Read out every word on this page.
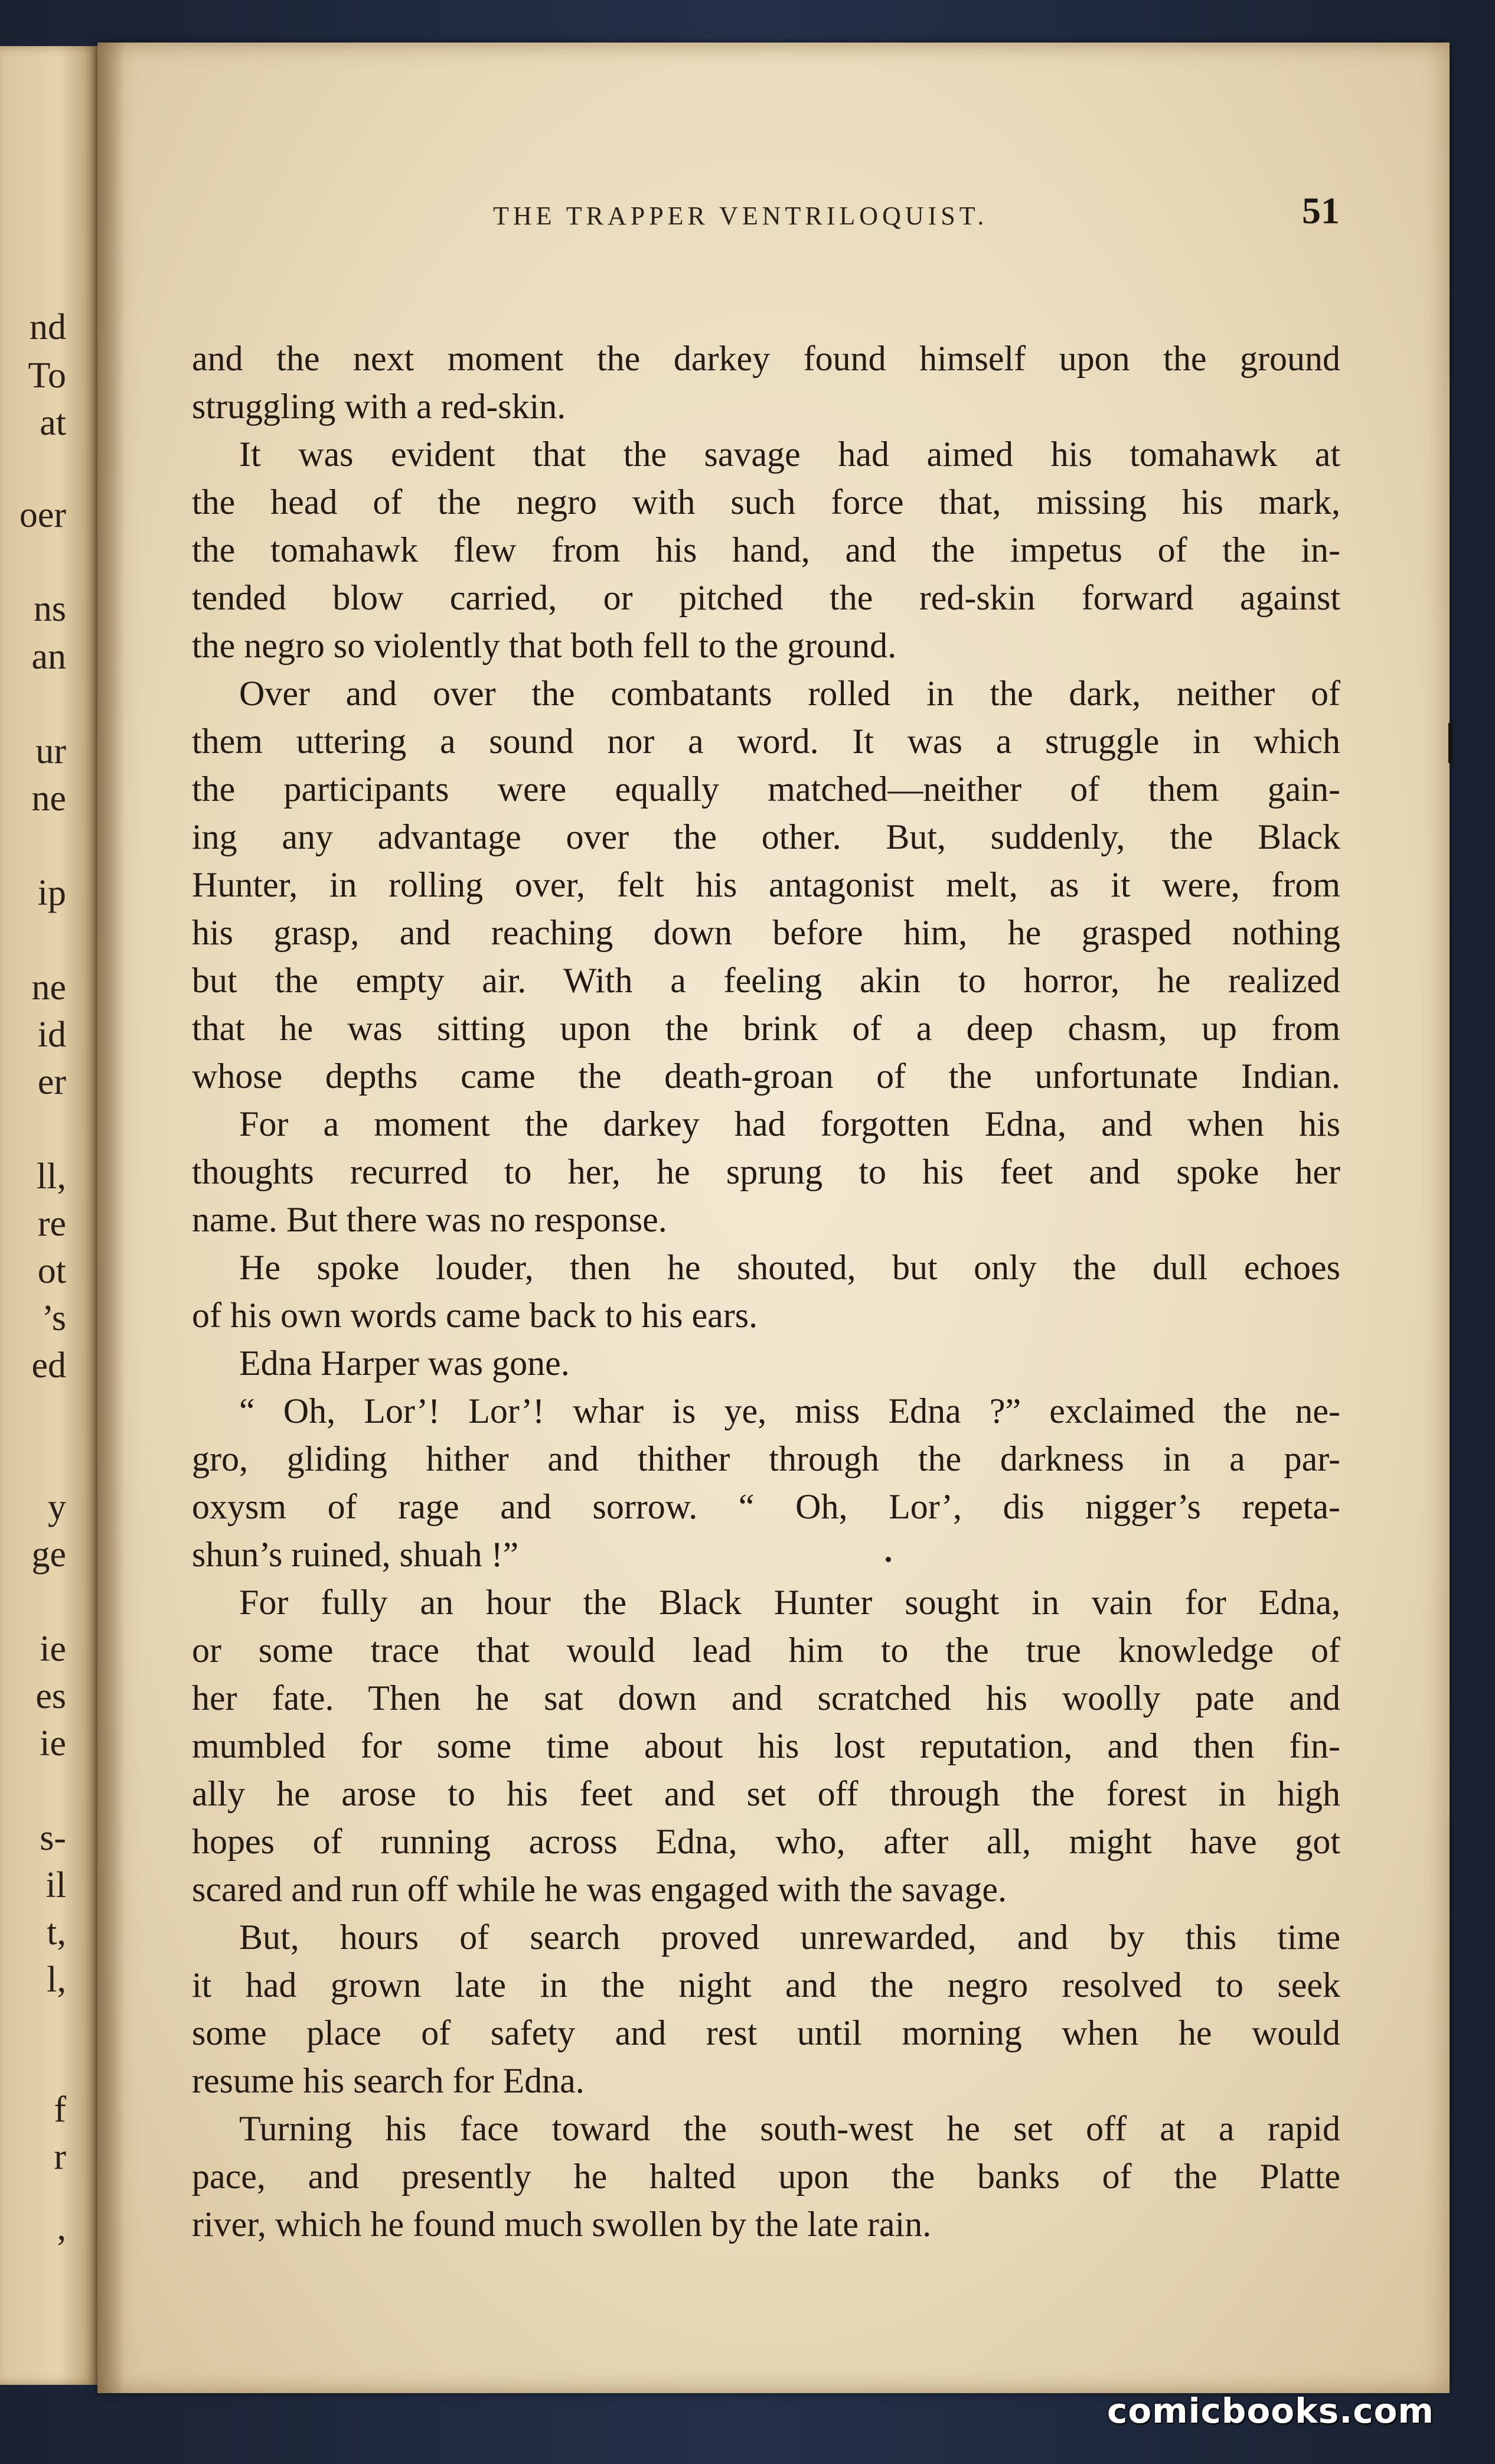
nd
To
at
oer
ns
an
ur
ne
ip
ne
id
er
ll,
re
ot
’s
ed
y
ge
ie
es
ie
s-
il
t,
l,
f
r
,
THE TRAPPER VENTRILOQUIST.	51
and the next moment the darkey found himself upon the ground
struggling with a red-skin.
It was evident that the savage had aimed his tomahawk at
the head of the negro with such force that, missing his mark,
the tomahawk flew from his hand, and the impetus of the in-
tended blow carried, or pitched the red-skin forward against
the negro so violently that both fell to the ground.
Over and over the combatants rolled in the dark, neither of
them uttering a sound nor a word. It was a struggle in which
the participants were equally matched—neither of them gain-
ing any advantage over the other. But, suddenly, the Black
Hunter, in rolling over, felt his antagonist melt, as it were, from
his grasp, and reaching down before him, he grasped nothing
but the empty air. With a feeling akin to horror, he realized
that he was sitting upon the brink of a deep chasm, up from
whose depths came the death-groan of the unfortunate Indian.
For a moment the darkey had forgotten Edna, and when his
thoughts recurred to her, he sprung to his feet and spoke her
name. But there was no response.
He spoke louder, then he shouted, but only the dull echoes
of his own words came back to his ears.
Edna Harper was gone.
“ Oh, Lor’! Lor’! whar is ye, miss Edna ?” exclaimed the ne-
gro, gliding hither and thither through the darkness in a par-
oxysm of rage and sorrow. “ Oh, Lor’, dis nigger’s repeta-
shun’s ruined, shuah !”
For fully an hour the Black Hunter sought in vain for Edna,
or some trace that would lead him to the true knowledge of
her fate. Then he sat down and scratched his woolly pate and
mumbled for some time about his lost reputation, and then fin-
ally he arose to his feet and set off through the forest in high
hopes of running across Edna, who, after all, might have got
scared and run off while he was engaged with the savage.
But, hours of search proved unrewarded, and by this time
it had grown late in the night and the negro resolved to seek
some place of safety and rest until morning when he would
resume his search for Edna.
Turning his face toward the south-west he set off at a rapid
pace, and presently he halted upon the banks of the Platte
river, which he found much swollen by the late rain.
comicbooks.com
